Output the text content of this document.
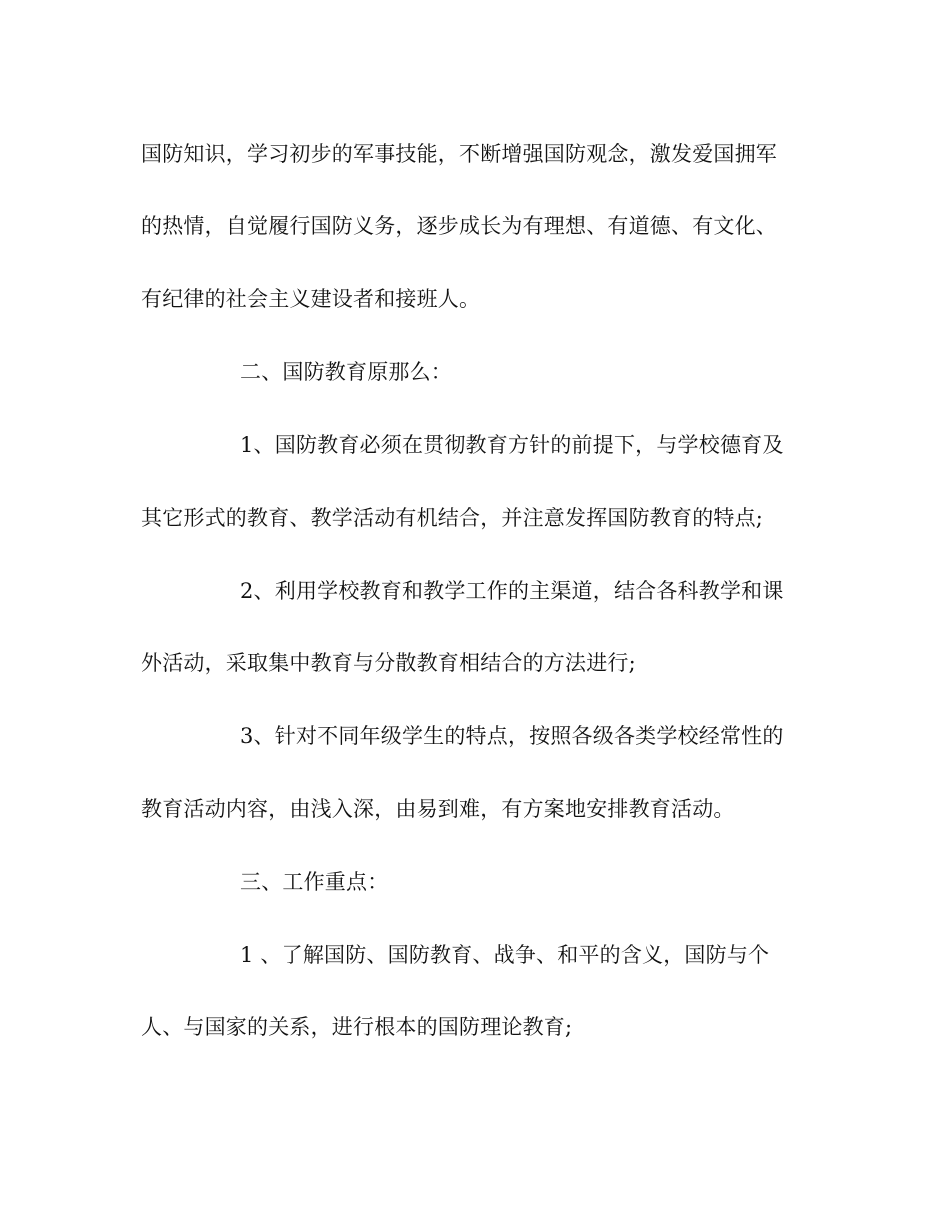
国防知识，学习初步的军事技能，不断增强国防观念，激发爱国拥军
的热情，自觉履行国防义务，逐步成长为有理想、有道德、有文化、
有纪律的社会主义建设者和接班人。
二、国防教育原那么：
1、国防教育必须在贯彻教育方针的前提下，与学校德育及
其它形式的教育、教学活动有机结合，并注意发挥国防教育的特点;
2、利用学校教育和教学工作的主渠道，结合各科教学和课
外活动，采取集中教育与分散教育相结合的方法进行;
3、针对不同年级学生的特点，按照各级各类学校经常性的
教育活动内容，由浅入深，由易到难，有方案地安排教育活动。
三、工作重点：
1 、了解国防、国防教育、战争、和平的含义，国防与个
人、与国家的关系，进行根本的国防理论教育;
